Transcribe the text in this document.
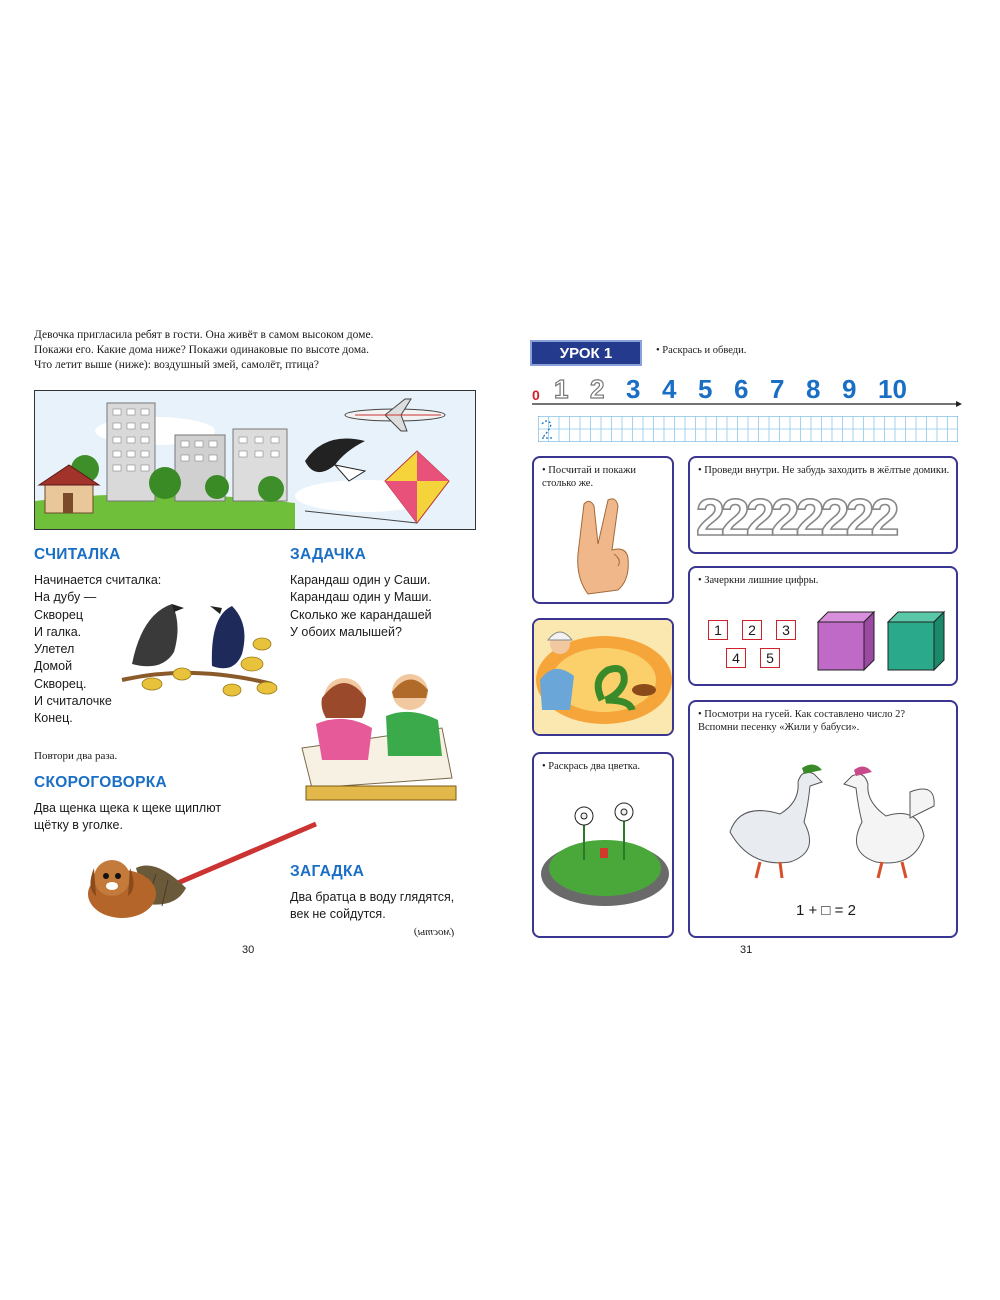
Девочка пригласила ребят в гости. Она живёт в самом высоком доме.
Покажи его. Какие дома ниже? Покажи одинаковые по высоте дома.
Что летит выше (ниже): воздушный змей, самолёт, птица?
СЧИТАЛКА
Начинается считалка:
На дубу —
Скворец
И галка.
Улетел
Домой
Скворец.
И считалочке
Конец.
ЗАДАЧКА
Карандаш один у Саши.
Карандаш один у Маши.
Сколько же карандашей
У обоих малышей?
Повтори два раза.
СКОРОГОВОРКА
Два щенка щека к щеке щиплют
щётку в уголке.
ЗАГАДКА
Два братца в воду глядятся,
век не сойдутся.
(мосты)
30
УРОК 1	• Раскрась и обведи.
0 1 2 3 4 5 6 7 8 9 10
• Посчитай и покажи столько же.
• Проведи внутри. Не забудь заходить в жёлтые домики.
22222222
• Зачеркни лишние цифры.
1	2	3
4	5
• Раскрась два цветка.
• Посмотри на гусей. Как составлено число 2?
Вспомни песенку «Жили у бабуси».
1 + □ = 2
31
